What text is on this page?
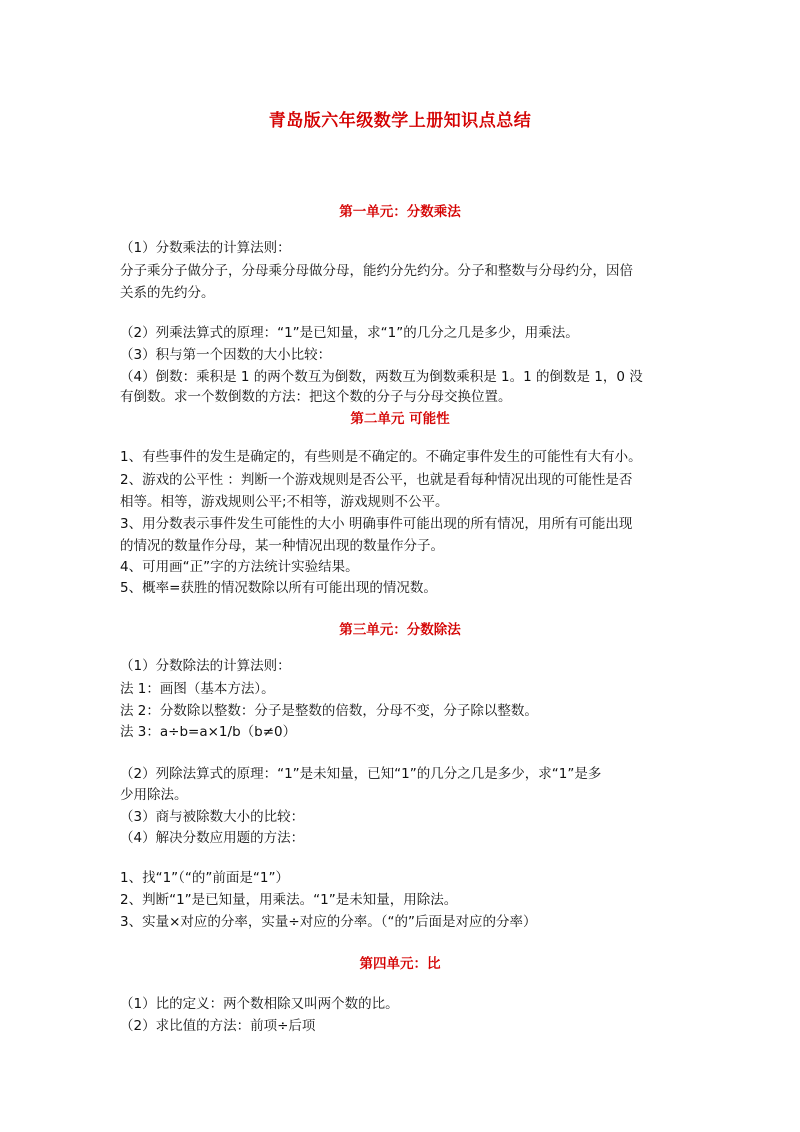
青岛版六年级数学上册知识点总结
第一单元：分数乘法
（1）分数乘法的计算法则：
分子乘分子做分子，分母乘分母做分母，能约分先约分。分子和整数与分母约分，因倍
关系的先约分。
（2）列乘法算式的原理：“1”是已知量，求“1”的几分之几是多少，用乘法。
（3）积与第一个因数的大小比较：
（4）倒数：乘积是 1 的两个数互为倒数，两数互为倒数乘积是 1。1 的倒数是 1，0 没
有倒数。求一个数倒数的方法：把这个数的分子与分母交换位置。
第二单元 可能性
1、有些事件的发生是确定的，有些则是不确定的。不确定事件发生的可能性有大有小。
2、游戏的公平性 ：判断一个游戏规则是否公平，也就是看每种情况出现的可能性是否
相等。相等，游戏规则公平;不相等，游戏规则不公平。
3、用分数表示事件发生可能性的大小 明确事件可能出现的所有情况，用所有可能出现
的情况的数量作分母，某一种情况出现的数量作分子。
4、可用画“正”字的方法统计实验结果。
5、概率=获胜的情况数除以所有可能出现的情况数。
第三单元：分数除法
（1）分数除法的计算法则：
法 1：画图（基本方法）。
法 2：分数除以整数：分子是整数的倍数，分母不变，分子除以整数。
法 3：a÷b=a×1/b（b≠0）
（2）列除法算式的原理：“1”是未知量，已知“1”的几分之几是多少，求“1”是多
少用除法。
（3）商与被除数大小的比较：
（4）解决分数应用题的方法：
1、找“1”（“的”前面是“1”）
2、判断“1”是已知量，用乘法。“1”是未知量，用除法。
3、实量×对应的分率，实量÷对应的分率。（“的”后面是对应的分率）
第四单元：比
（1）比的定义：两个数相除又叫两个数的比。
（2）求比值的方法：前项÷后项
